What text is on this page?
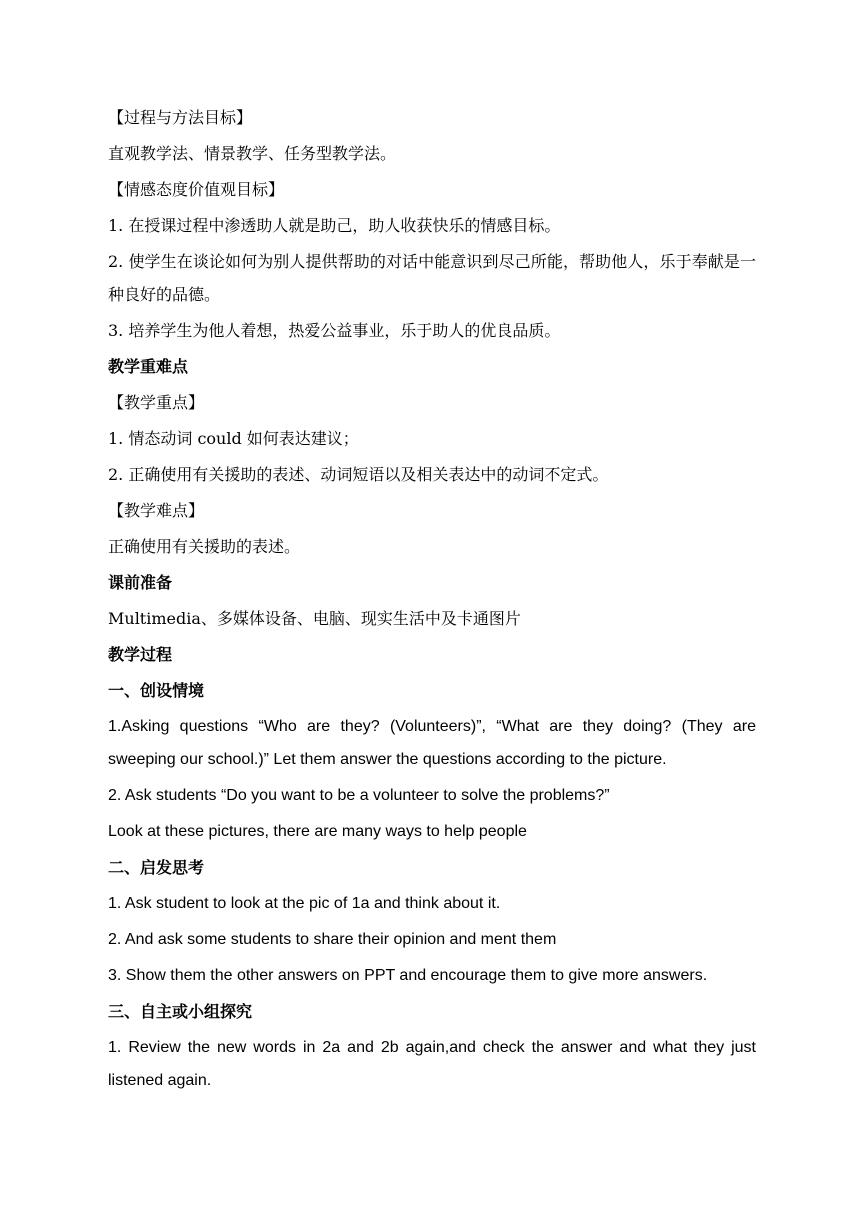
【过程与方法目标】

直观教学法、情景教学、任务型教学法。

【情感态度价值观目标】

1. 在授课过程中渗透助人就是助己，助人收获快乐的情感目标。

2. 使学生在谈论如何为别人提供帮助的对话中能意识到尽己所能，帮助他人，乐于奉献是一种良好的品德。

3. 培养学生为他人着想，热爱公益事业，乐于助人的优良品质。

教学重难点

【教学重点】

1. 情态动词 could 如何表达建议；

2. 正确使用有关援助的表述、动词短语以及相关表达中的动词不定式。

【教学难点】

正确使用有关援助的表述。

课前准备

Multimedia、多媒体设备、电脑、现实生活中及卡通图片

教学过程

一、创设情境

1.Asking questions “Who are they? (Volunteers)”, “What are they doing? (They are sweeping our school.)” Let them answer the questions according to the picture.

2. Ask students “Do you want to be a volunteer to solve the problems?”

Look at these pictures, there are many ways to help people

二、启发思考

1. Ask student to look at the pic of 1a and think about it.

2. And ask some students to share their opinion and ment them

3. Show them the other answers on PPT and encourage them to give more answers.

三、自主或小组探究

1. Review the new words in 2a and 2b again,and check the answer and what they just listened again.
